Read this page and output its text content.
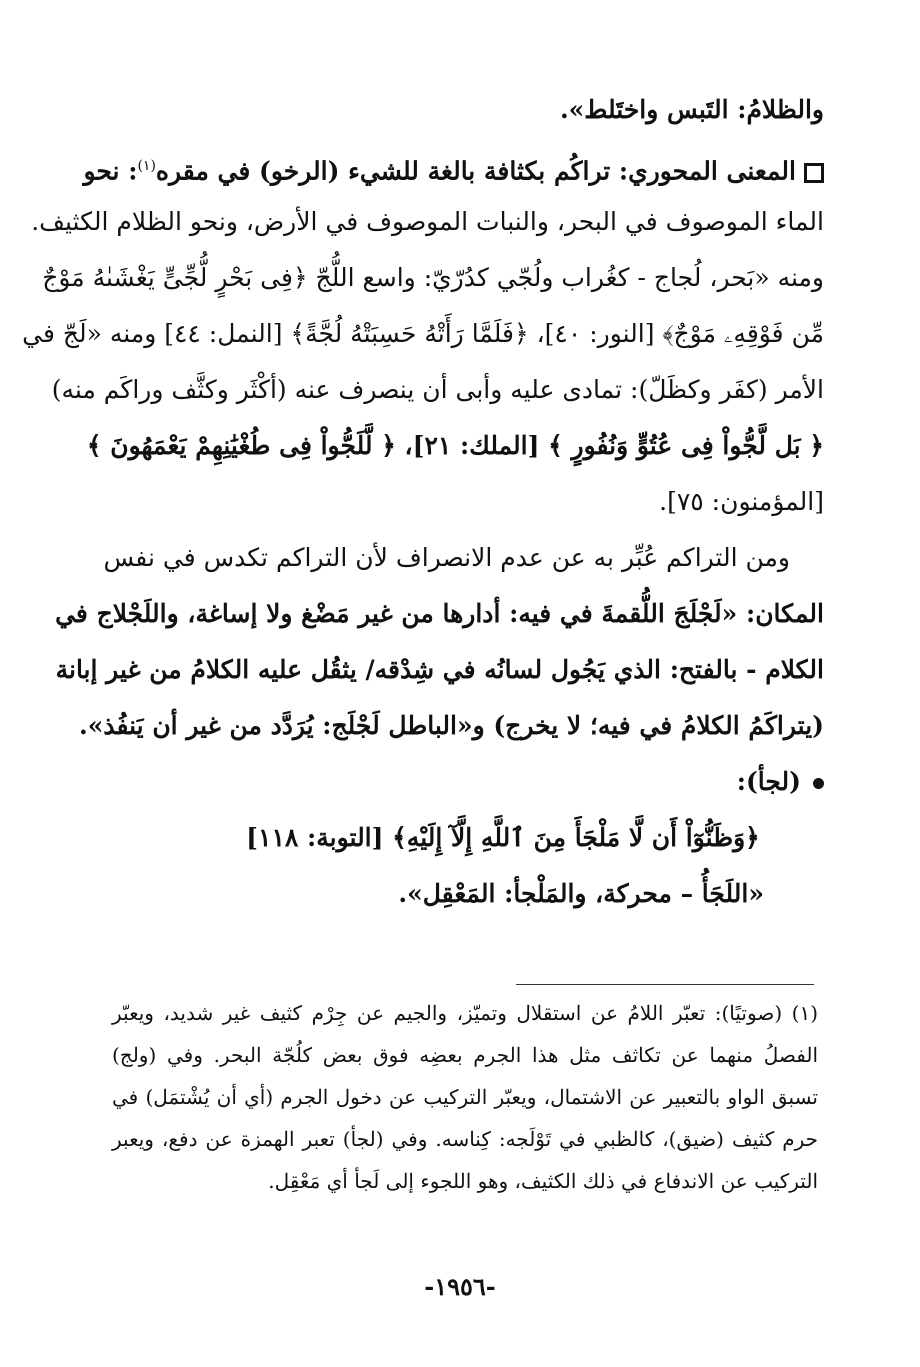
والظلامُ: التَبس واختَلط».
المعنى المحوري: تراكُم بكثافة بالغة للشيء (الرخو) في مقره$^{(١)}$: نحو
الماء الموصوف في البحر، والنبات الموصوف في الأرض، ونحو الظلام الكثيف.
ومنه «بَحر، لُجاج - كغُراب ولُجّي كدُرّيّ: واسع اللُّجّ ﴿فِى بَحْرٍ لُّجِّىٍّ يَغْشَىٰهُ مَوْجٌ
مِّن فَوْقِهِۦ مَوْجٌ﴾ [النور: ٤٠]، ﴿فَلَمَّا رَأَتْهُ حَسِبَتْهُ لُجَّةً﴾ [النمل: ٤٤] ومنه «لَجّ في
الأمر (كفَر وكظَلّ): تمادى عليه وأبى أن ينصرف عنه (أكْثَر وكثَّف وراكَم منه)
﴿ بَل لَّجُّواْ فِى عُتُوٍّ وَنُفُورٍ ﴾ [الملك: ٢١]، ﴿ لَّلَجُّواْ فِى طُغْيَٰنِهِمْ يَعْمَهُونَ ﴾
[المؤمنون: ٧٥].
ومن التراكم عُبِّر به عن عدم الانصراف لأن التراكم تكدس في نفس
المكان: «لَجْلَجَ اللُّقمةَ في فيه: أدارها من غير مَضْغ ولا إساغة، واللَجْلاج في
الكلام - بالفتح: الذي يَجُول لسانُه في شِدْقه/ يثقُل عليه الكلامُ من غير إبانة
(يتراكَمُ الكلامُ في فيه؛ لا يخرج) و«الباطل لَجْلَج: يُرَدَّد من غير أن يَنفُذ».
(لجأ):
﴿وَظَنُّوٓاْ أَن لَّا مَلْجَأَ مِنَ ٱللَّهِ إِلَّآ إِلَيْهِ﴾ [التوبة: ١١٨]
«اللَجَأُ – محركة، والمَلْجأ: المَعْقِل».
(١) (صوتيًا): تعبّر اللامُ عن استقلال وتميّز، والجيم عن جِرْم كثيف غير شديد، ويعبّر
الفصلُ منهما عن تكاثف مثل هذا الجرم بعضِه فوق بعض كلُجّة البحر. وفي (ولج)
تسبق الواو بالتعبير عن الاشتمال، ويعبّر التركيب عن دخول الجرم (أي أن يُشْتمَل) في
حرم كثيف (ضيق)، كالظبي في تَوْلَجه: كِناسه. وفي (لجأ) تعبر الهمزة عن دفع، ويعبر
التركيب عن الاندفاع في ذلك الكثيف، وهو اللجوء إلى لَجأ أي مَعْقِل.
-١٩٥٦-
